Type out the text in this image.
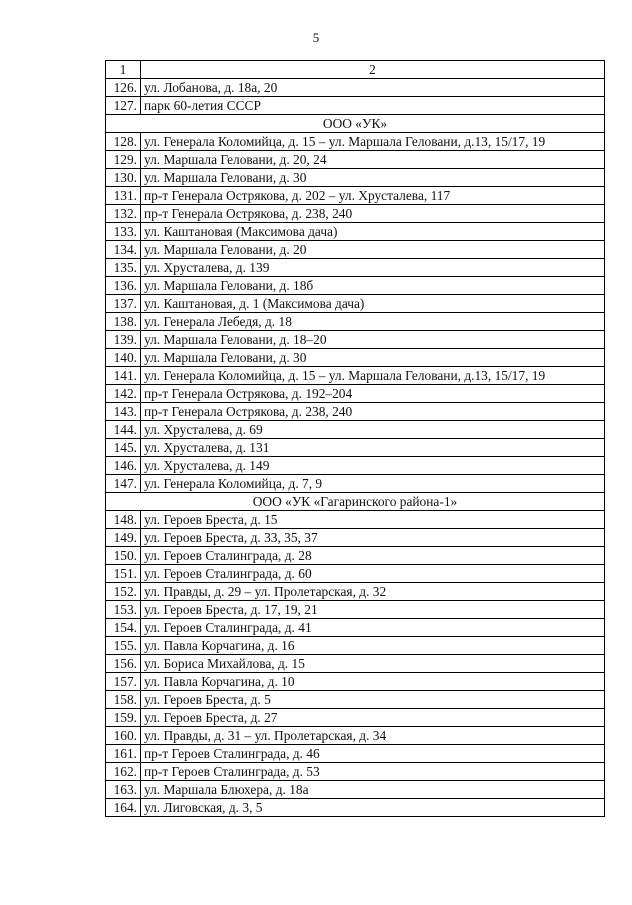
5
1	2
126.	ул. Лобанова, д. 18а, 20
127.	парк 60-летия СССР
ООО «УК»	
128.	ул. Генерала Коломийца, д. 15 – ул. Маршала Геловани, д.13, 15/17, 19
129.	ул. Маршала Геловани, д. 20, 24
130.	ул. Маршала Геловани, д. 30
131.	пр-т Генерала Острякова, д. 202 – ул. Хрусталева, 117
132.	пр-т Генерала Острякова, д. 238, 240
133.	ул. Каштановая (Максимова дача)
134.	ул. Маршала Геловани, д. 20
135.	ул. Хрусталева, д. 139
136.	ул. Маршала Геловани, д. 18б
137.	ул. Каштановая, д. 1 (Максимова дача)
138.	ул. Генерала Лебедя, д. 18
139.	ул. Маршала Геловани, д. 18–20
140.	ул. Маршала Геловани, д. 30
141.	ул. Генерала Коломийца, д. 15 – ул. Маршала Геловани, д.13, 15/17, 19
142.	пр-т Генерала Острякова, д. 192–204
143.	пр-т Генерала Острякова, д. 238, 240
144.	ул. Хрусталева, д. 69
145.	ул. Хрусталева, д. 131
146.	ул. Хрусталева, д. 149
147.	ул. Генерала Коломийца, д. 7, 9
ООО «УК «Гагаринского района-1»	
148.	ул. Героев Бреста, д. 15
149.	ул. Героев Бреста, д. 33, 35, 37
150.	ул. Героев Сталинграда, д. 28
151.	ул. Героев Сталинграда, д. 60
152.	ул. Правды, д. 29 – ул. Пролетарская, д. 32
153.	ул. Героев Бреста, д. 17, 19, 21
154.	ул. Героев Сталинграда, д. 41
155.	ул. Павла Корчагина, д. 16
156.	ул. Бориса Михайлова, д. 15
157.	ул. Павла Корчагина, д. 10
158.	ул. Героев Бреста, д. 5
159.	ул. Героев Бреста, д. 27
160.	ул. Правды, д. 31 – ул. Пролетарская, д. 34
161.	пр-т Героев Сталинграда, д. 46
162.	пр-т Героев Сталинграда, д. 53
163.	ул. Маршала Блюхера, д. 18а
164.	ул. Лиговская, д. 3, 5
